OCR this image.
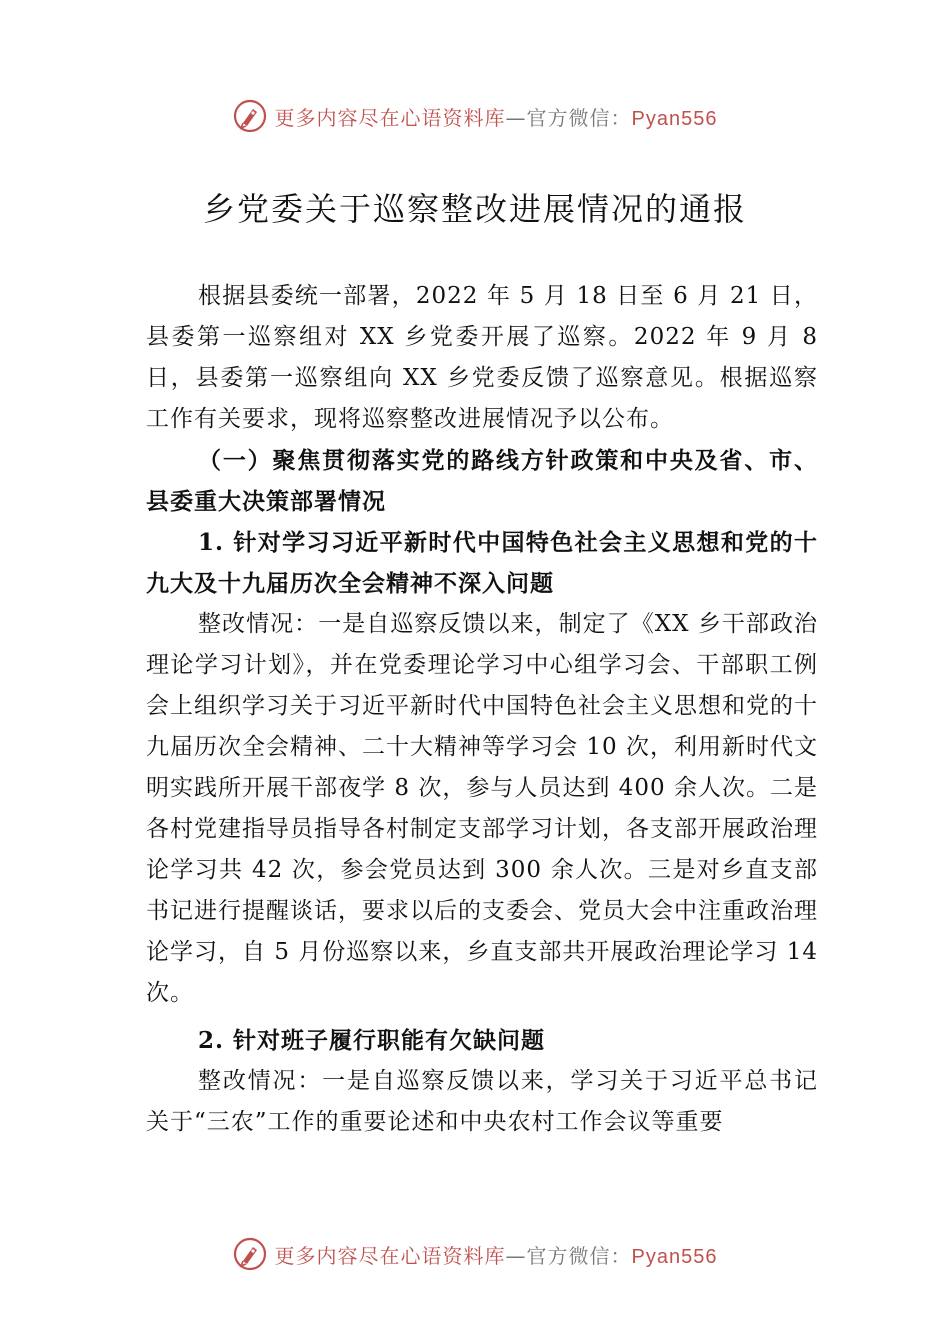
更多内容尽在心语资料库—官方微信：Pyan556
乡党委关于巡察整改进展情况的通报

根据县委统一部署，2022 年 5 月 18 日至 6 月 21 日，县委第一巡察组对 XX 乡党委开展了巡察。2022 年 9 月 8 日，县委第一巡察组向 XX 乡党委反馈了巡察意见。根据巡察工作有关要求，现将巡察整改进展情况予以公布。

（一）聚焦贯彻落实党的路线方针政策和中央及省、市、县委重大决策部署情况

1. 针对学习习近平新时代中国特色社会主义思想和党的十九大及十九届历次全会精神不深入问题

整改情况：一是自巡察反馈以来，制定了《XX 乡干部政治理论学习计划》，并在党委理论学习中心组学习会、干部职工例会上组织学习关于习近平新时代中国特色社会主义思想和党的十九届历次全会精神、二十大精神等学习会 10 次，利用新时代文明实践所开展干部夜学 8 次，参与人员达到 400 余人次。二是各村党建指导员指导各村制定支部学习计划，各支部开展政治理论学习共 42 次，参会党员达到 300 余人次。三是对乡直支部书记进行提醒谈话，要求以后的支委会、党员大会中注重政治理论学习，自 5 月份巡察以来，乡直支部共开展政治理论学习 14 次。

2. 针对班子履行职能有欠缺问题

整改情况：一是自巡察反馈以来，学习关于习近平总书记关于“三农”工作的重要论述和中央农村工作会议等重要

更多内容尽在心语资料库—官方微信：Pyan556
